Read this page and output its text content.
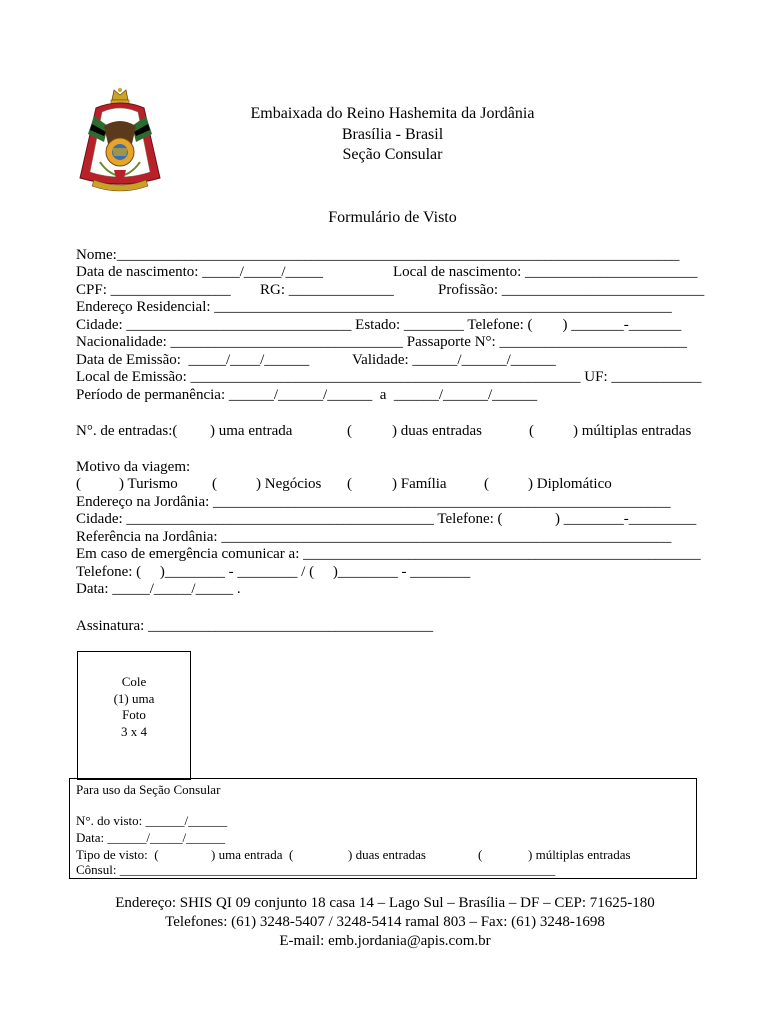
Embaixada do Reino Hashemita da Jordânia
Brasília - Brasil
Seção Consular
Formulário de Visto
Nome:___________________________________________________________________________
Data de nascimento: _____/_____/_____	Local de nascimento: _______________________
CPF: ________________ RG: ______________	Profissão: ___________________________
Endereço Residencial: _____________________________________________________________
Cidade: ______________________________ Estado: ________ Telefone: (        ) _______-_______
Nacionalidade: _______________________________ Passaporte N°: _________________________
Data de Emissão:  _____/____/______	Validade: ______/______/______
Local de Emissão: ____________________________________________________ UF: ____________
Período de permanência: ______/______/______  a  ______/______/______
N°. de entradas:( ) uma entrada	(	) duas entradas	(	) múltiplas entradas
Motivo da viagem:
(	) Turismo (	) Negócios (	) Família (	) Diplomático
Endereço na Jordânia: _____________________________________________________________
Cidade: _________________________________________ Telefone: (              ) ________-_________
Referência na Jordânia: ____________________________________________________________
Em caso de emergência comunicar a: _____________________________________________________
Telefone: (     )________ - ________ / (     )________ - ________
Data: _____/_____/_____ .
Assinatura: ______________________________________
Cole
(1) uma
Foto
3 x 4
Para uso da Seção Consular
N°. do visto: ______/______
Data: ______/_____/______
Tipo de visto:  (	) uma entrada  (	) duas entradas	(	) múltiplas entradas
Cônsul: ___________________________________________________________________
Endereço: SHIS QI 09 conjunto 18 casa 14 – Lago Sul – Brasília – DF – CEP: 71625-180
Telefones: (61) 3248-5407 / 3248-5414 ramal 803 – Fax: (61) 3248-1698
E-mail: emb.jordania@apis.com.br
